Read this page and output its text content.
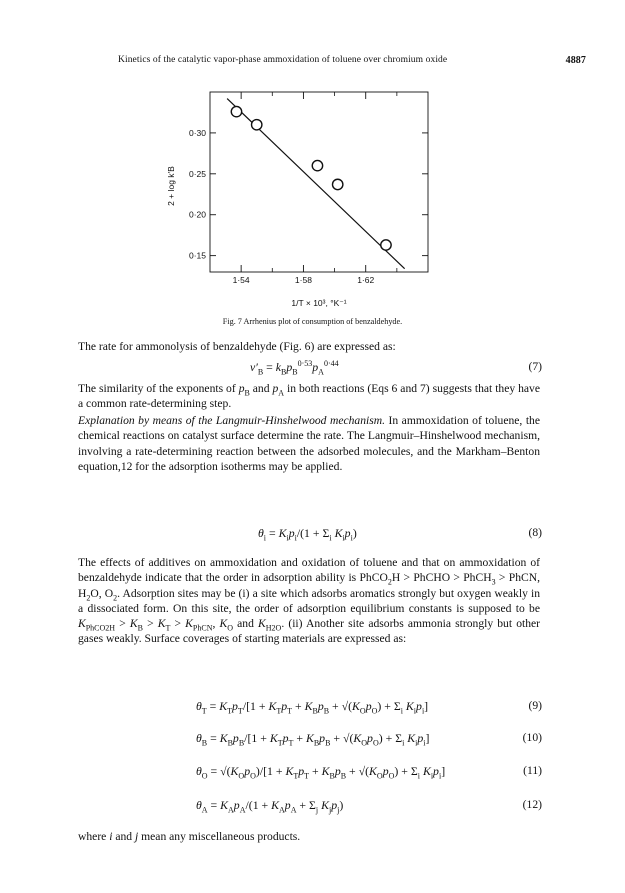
Kinetics of the catalytic vapor-phase ammoxidation of toluene over chromium oxide	4887
0·30
0·25
0·20
0·15
1·54	1·58	1·62
1/T × 10³, °K⁻¹
2 + log k′B
Fig. 7 Arrhenius plot of consumption of benzaldehyde.

The rate for ammonolysis of benzaldehyde (Fig. 6) are expressed as:

$v'_B = k_Bp_B^{0\cdot 53}p_A^{0\cdot 44}$	(7)

The similarity of the exponents of $p_B$ and $p_A$ in both reactions (Eqs 6 and 7) suggests that they have a common rate-determining step.

Explanation by means of the Langmuir-Hinshelwood mechanism. In ammoxidation of toluene, the chemical reactions on catalyst surface determine the rate. The Langmuir–Hinshelwood mechanism, involving a rate-determining reaction between the adsorbed molecules, and the Markham–Benton equation,12 for the adsorption isotherms may be applied.

$\theta_i = K_ip_i/(1 + \Sigma_i$ $K_ip_i$)	(8)

The effects of additives on ammoxidation and oxidation of toluene and that on ammoxidation of benzaldehyde indicate that the order in adsorption ability is PhCO$_2$H > PhCHO > PhCH$_3$ > PhCN, $H_2O$, $O_2$. Adsorption sites may be (i) a site which adsorbs aromatics strongly but oxygen weakly in a dissociated form. On this site, the order of adsorption equilibrium constants is supposed to be $K_{PhCO2H} > K_B > K_T > K_{PhCN}$, $K_O$ and $K_{H2O}$. (ii) Another site adsorbs ammonia strongly but other gases weakly. Surface coverages of starting materials are expressed as:

$\theta_T = K_Tp_T/[1 + K_Tp_T + K_Bp_B + √(K_Op_O) + \Sigma_i$ $K_ip_i$]	(9)
$\theta_B = K_Bp_B/[1 + K_Tp_T + K_Bp_B + √(K_Op_O) + \Sigma_i$ $K_ip_i$]	(10)
$\theta_O = √(K_Op_O)/[1 + K_Tp_T + K_Bp_B + √(K_Op_O) + \Sigma_i$ $K_ip_i$]	(11)
$\theta_A = K_Ap_A/(1 + K_Ap_A + \Sigma_j$ $K_jp_j$)	(12)

where i and j mean any miscellaneous products.
